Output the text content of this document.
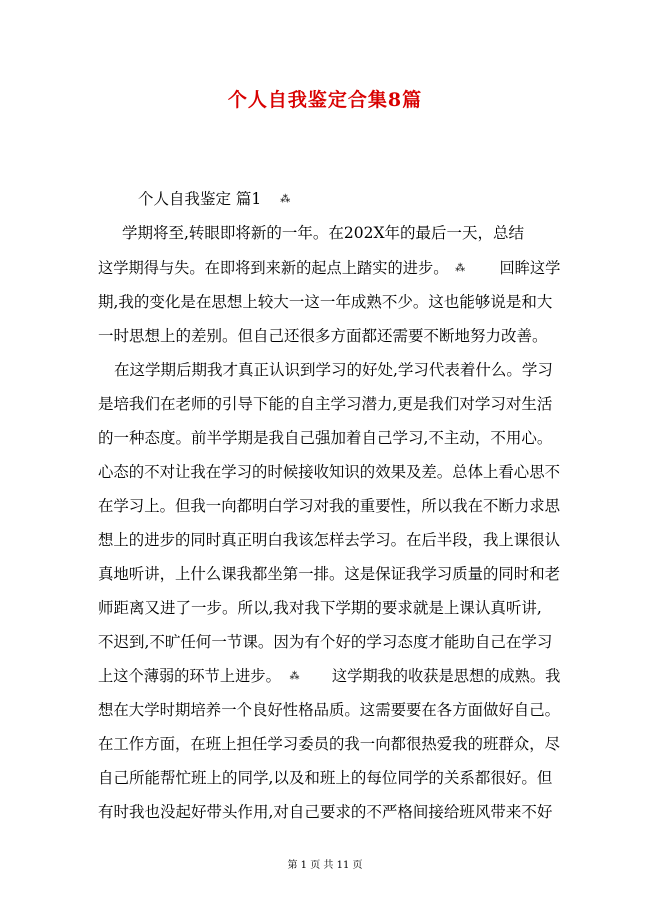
个人自我鉴定合集8篇
个人自我鉴定 篇1 ⁂
学期将至,转眼即将新的一年。在202X年的最后一天，总结
这学期得与失。在即将到来新的起点上踏实的进步。 ⁂ 回眸这学
期,我的变化是在思想上较大一这一年成熟不少。这也能够说是和大
一时思想上的差别。但自己还很多方面都还需要不断地努力改善。
在这学期后期我才真正认识到学习的好处,学习代表着什么。学习
是培我们在老师的引导下能的自主学习潜力,更是我们对学习对生活
的一种态度。前半学期是我自己强加着自己学习,不主动，不用心。
心态的不对让我在学习的时候接收知识的效果及差。总体上看心思不
在学习上。但我一向都明白学习对我的重要性，所以我在不断力求思
想上的进步的同时真正明白我该怎样去学习。在后半段，我上课很认
真地听讲，上什么课我都坐第一排。这是保证我学习质量的同时和老
师距离又进了一步。所以,我对我下学期的要求就是上课认真听讲,
不迟到,不旷任何一节课。因为有个好的学习态度才能助自己在学习
上这个薄弱的环节上进步。 ⁂ 这学期我的收获是思想的成熟。我
想在大学时期培养一个良好性格品质。这需要要在各方面做好自己。
在工作方面，在班上担任学习委员的我一向都很热爱我的班群众，尽
自己所能帮忙班上的同学,以及和班上的每位同学的关系都很好。但
有时我也没起好带头作用,对自己要求的不严格间接给班风带来不好
第 1 页 共 11 页
